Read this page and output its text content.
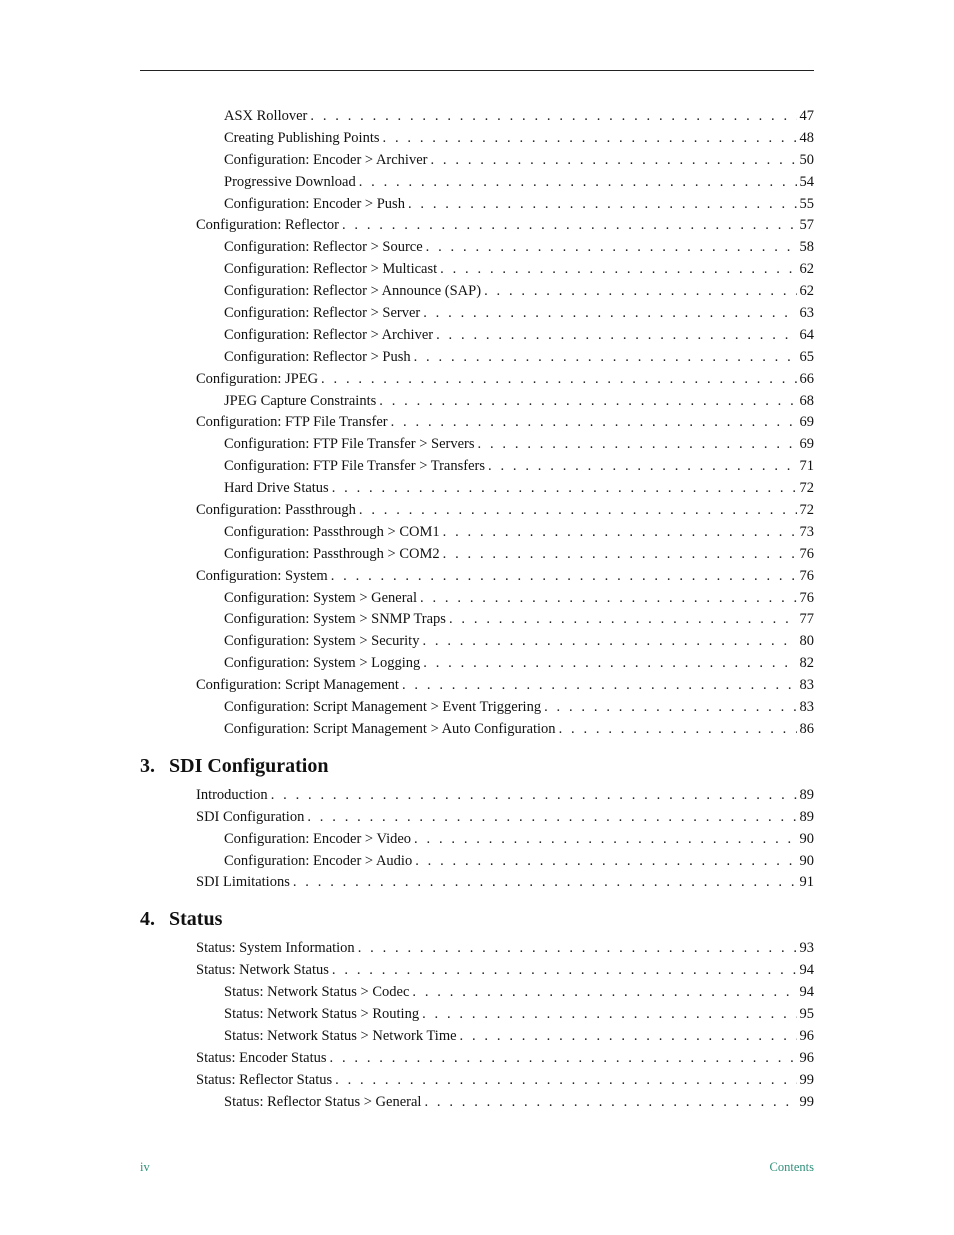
ASX Rollover . . .	47
Creating Publishing Points . . .	48
Configuration: Encoder > Archiver . . .	50
Progressive Download . . .	54
Configuration: Encoder > Push . . .	55
Configuration: Reflector . . .	57
Configuration: Reflector > Source . . .	58
Configuration: Reflector > Multicast . . .	62
Configuration: Reflector > Announce (SAP) . . .	62
Configuration: Reflector > Server . . .	63
Configuration: Reflector > Archiver . . .	64
Configuration: Reflector > Push . . .	65
Configuration: JPEG . . .	66
JPEG Capture Constraints . . .	68
Configuration: FTP File Transfer . . .	69
Configuration: FTP File Transfer > Servers . . .	69
Configuration: FTP File Transfer > Transfers . . .	71
Hard Drive Status . . .	72
Configuration: Passthrough . . .	72
Configuration: Passthrough > COM1 . . .	73
Configuration: Passthrough > COM2 . . .	76
Configuration: System . . .	76
Configuration: System > General . . .	76
Configuration: System > SNMP Traps . . .	77
Configuration: System > Security . . .	80
Configuration: System > Logging . . .	82
Configuration: Script Management . . .	83
Configuration: Script Management > Event Triggering . . .	83
Configuration: Script Management > Auto Configuration . . .	86
3. SDI Configuration
Introduction . . .	89
SDI Configuration . . .	89
Configuration: Encoder > Video . . .	90
Configuration: Encoder > Audio . . .	90
SDI Limitations . . .	91
4. Status
Status: System Information . . .	93
Status: Network Status . . .	94
Status: Network Status > Codec . . .	94
Status: Network Status > Routing . . .	95
Status: Network Status > Network Time . . .	96
Status: Encoder Status . . .	96
Status: Reflector Status . . .	99
Status: Reflector Status > General . . .	99
iv	Contents
